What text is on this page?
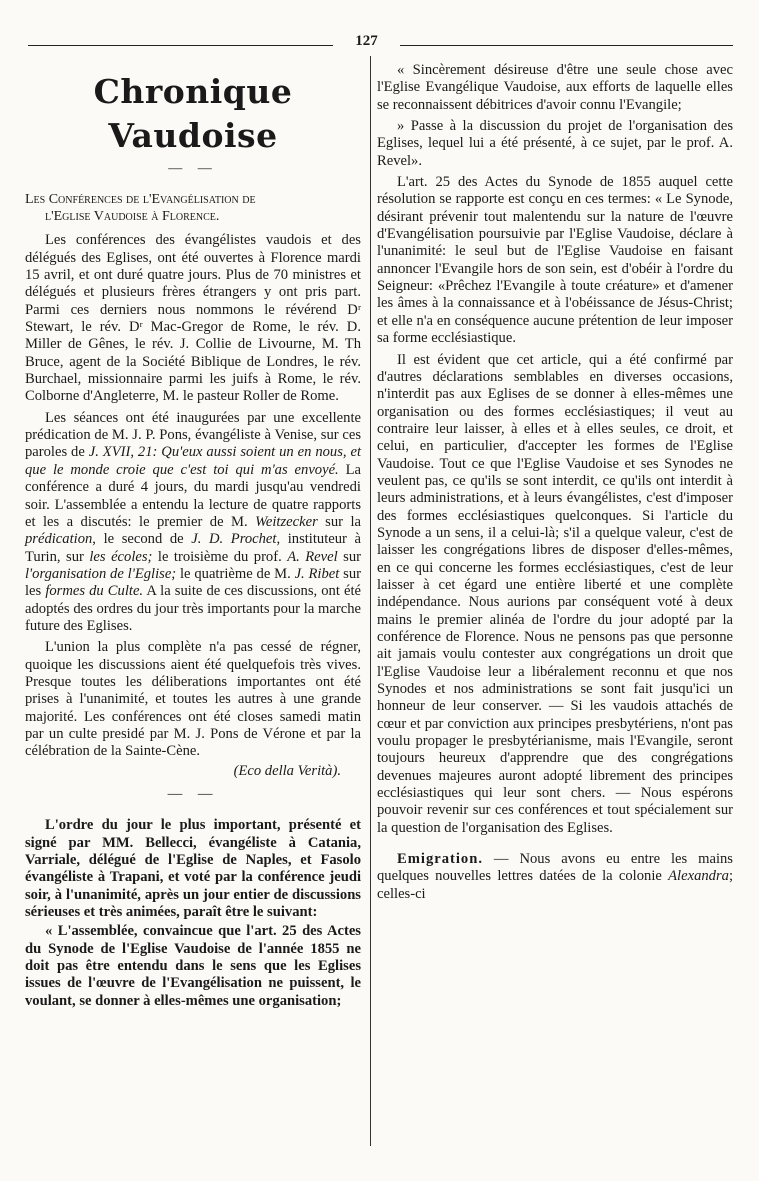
127
Chronique Vaudoise
— —

Les Conférences de l'Evangélisation de
l'Eglise Vaudoise à Florence.

Les conférences des évangélistes vaudois et des délégués des Eglises, ont été ouvertes à Florence mardi 15 avril, et ont duré quatre jours. Plus de 70 ministres et délégués et plusieurs frères étrangers y ont pris part. Parmi ces derniers nous nommons le révérend Dʳ Stewart, le rév. Dʳ Mac-Gregor de Rome, le rév. D. Miller de Gênes, le rév. J. Collie de Livourne, M. Th Bruce, agent de la Société Biblique de Londres, le rév. Burchael, missionnaire parmi les juifs à Rome, le rév. Colborne d'Angleterre, M. le pasteur Roller de Rome.

Les séances ont été inaugurées par une excellente prédication de M. J. P. Pons, évangéliste à Venise, sur ces paroles de J. XVII, 21: Qu'eux aussi soient un en nous, et que le monde croie que c'est toi qui m'as envoyé. La conférence a duré 4 jours, du mardi jusqu'au vendredi soir. L'assemblée a entendu la lecture de quatre rapports et les a discutés: le premier de M. Weitzecker sur la prédication, le second de J. D. Prochet, instituteur à Turin, sur les écoles; le troisième du prof. A. Revel sur l'organisation de l'Eglise; le quatrième de M. J. Ribet sur les formes du Culte. A la suite de ces discussions, ont été adoptés des ordres du jour très importants pour la marche future des Eglises.

L'union la plus complète n'a pas cessé de régner, quoique les discussions aient été quelquefois très vives. Presque toutes les déliberations importantes ont été prises à l'unanimité, et toutes les autres à une grande majorité. Les conférences ont été closes samedi matin par un culte presidé par M. J. Pons de Vérone et par la célébration de la Sainte-Cène.

(Eco della Verità).

— —

L'ordre du jour le plus important, présenté et signé par MM. Bellecci, évangéliste à Catania, Varriale, délégué de l'Eglise de Naples, et Fasolo évangéliste à Trapani, et voté par la conférence jeudi soir, à l'unanimité, après un jour entier de discussions sérieuses et très animées, paraît être le suivant:

« L'assemblée, convaincue que l'art. 25 des Actes du Synode de l'Eglise Vaudoise de l'année 1855 ne doit pas être entendu dans le sens que les Eglises issues de l'œuvre de l'Evangélisation ne puissent, le voulant, se donner à elles-mêmes une organisation;

« Sincèrement désireuse d'être une seule chose avec l'Eglise Evangélique Vaudoise, aux efforts de laquelle elles se reconnaissent débitrices d'avoir connu l'Evangile;

» Passe à la discussion du projet de l'organisation des Eglises, lequel lui a été présenté, à ce sujet, par le prof. A. Revel».

L'art. 25 des Actes du Synode de 1855 auquel cette résolution se rapporte est conçu en ces termes: « Le Synode, désirant prévenir tout malentendu sur la nature de l'œuvre d'Evangélisation poursuivie par l'Eglise Vaudoise, déclare à l'unanimité: le seul but de l'Eglise Vaudoise en faisant annoncer l'Evangile hors de son sein, est d'obéir à l'ordre du Seigneur: «Prêchez l'Evangile à toute créature» et d'amener les âmes à la connaissance et à l'obéissance de Jésus-Christ; et elle n'a en conséquence aucune prétention de leur imposer sa forme ecclésiastique.

Il est évident que cet article, qui a été confirmé par d'autres déclarations semblables en diverses occasions, n'interdit pas aux Eglises de se donner à elles-mêmes une organisation ou des formes ecclésiastiques; il veut au contraire leur laisser, à elles et à elles seules, ce droit, et celui, en particulier, d'accepter les formes de l'Eglise Vaudoise. Tout ce que l'Eglise Vaudoise et ses Synodes ne veulent pas, ce qu'ils se sont interdit, ce qu'ils ont interdit à leurs administrations, et à leurs évangélistes, c'est d'imposer des formes ecclésiastiques quelconques. Si l'article du Synode a un sens, il a celui-là; s'il a quelque valeur, c'est de laisser les congrégations libres de disposer d'elles-mêmes, en ce qui concerne les formes ecclésiastiques, c'est de leur laisser à cet égard une entière liberté et une complète indépendance. Nous aurions par conséquent voté à deux mains le premier alinéa de l'ordre du jour adopté par la conférence de Florence. Nous ne pensons pas que personne ait jamais voulu contester aux congrégations un droit que l'Eglise Vaudoise leur a libéralement reconnu et que nos Synodes et nos administrations se sont fait jusqu'ici un honneur de leur conserver. — Si les vaudois attachés de cœur et par conviction aux principes presbytériens, n'ont pas voulu propager le presbytérianisme, mais l'Evangile, seront toujours heureux d'apprendre que des congrégations devenues majeures auront adopté librement des principes ecclésiastiques qui leur sont chers. — Nous espérons pouvoir revenir sur ces conférences et tout spécialement sur la question de l'organisation des Eglises.

Emigration. — Nous avons eu entre les mains quelques nouvelles lettres datées de la colonie Alexandra; celles-ci
